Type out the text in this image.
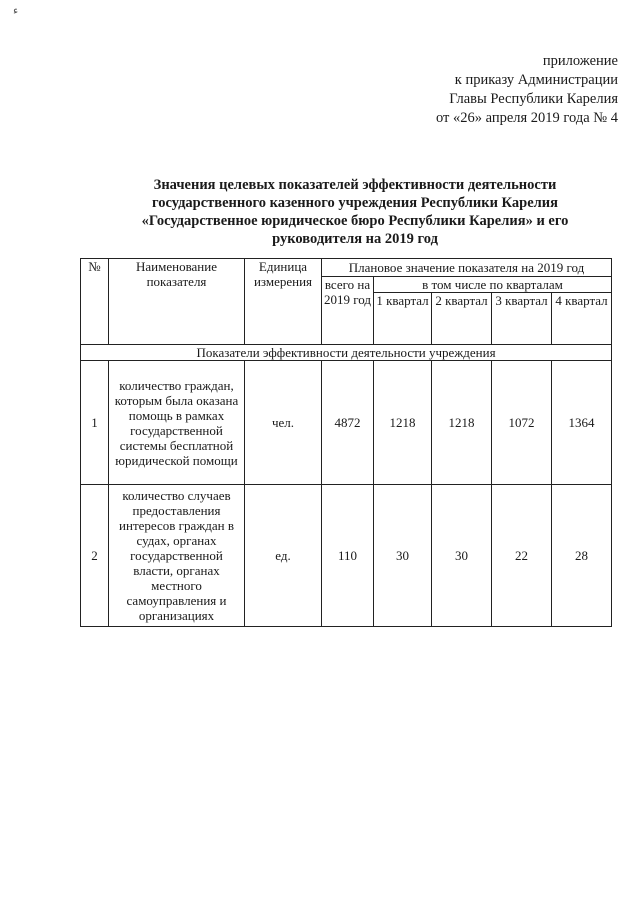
ء
приложение
к приказу Администрации
Главы Республики Карелия
от «26» апреля 2019 года № 4
Значения целевых показателей эффективности деятельности
государственного казенного учреждения Республики Карелия
«Государственное юридическое бюро Республики Карелия» и его
руководителя на 2019 год
№	Наименование показателя	Единица измерения	Плановое значение показателя на 2019 год				
			всего на 2019 год	в том числе по кварталам			
				1 квартал	2 квартал	3 квартал	4 квартал
Показатели эффективности деятельности учреждения							
1	количество граждан, которым была оказана помощь в рамках государственной системы бесплатной юридической помощи	чел.	4872	1218	1218	1072	1364
2	количество случаев предоставления интересов граждан в судах, органах государственной власти, органах местного самоуправления и организациях	ед.	110	30	30	22	28
